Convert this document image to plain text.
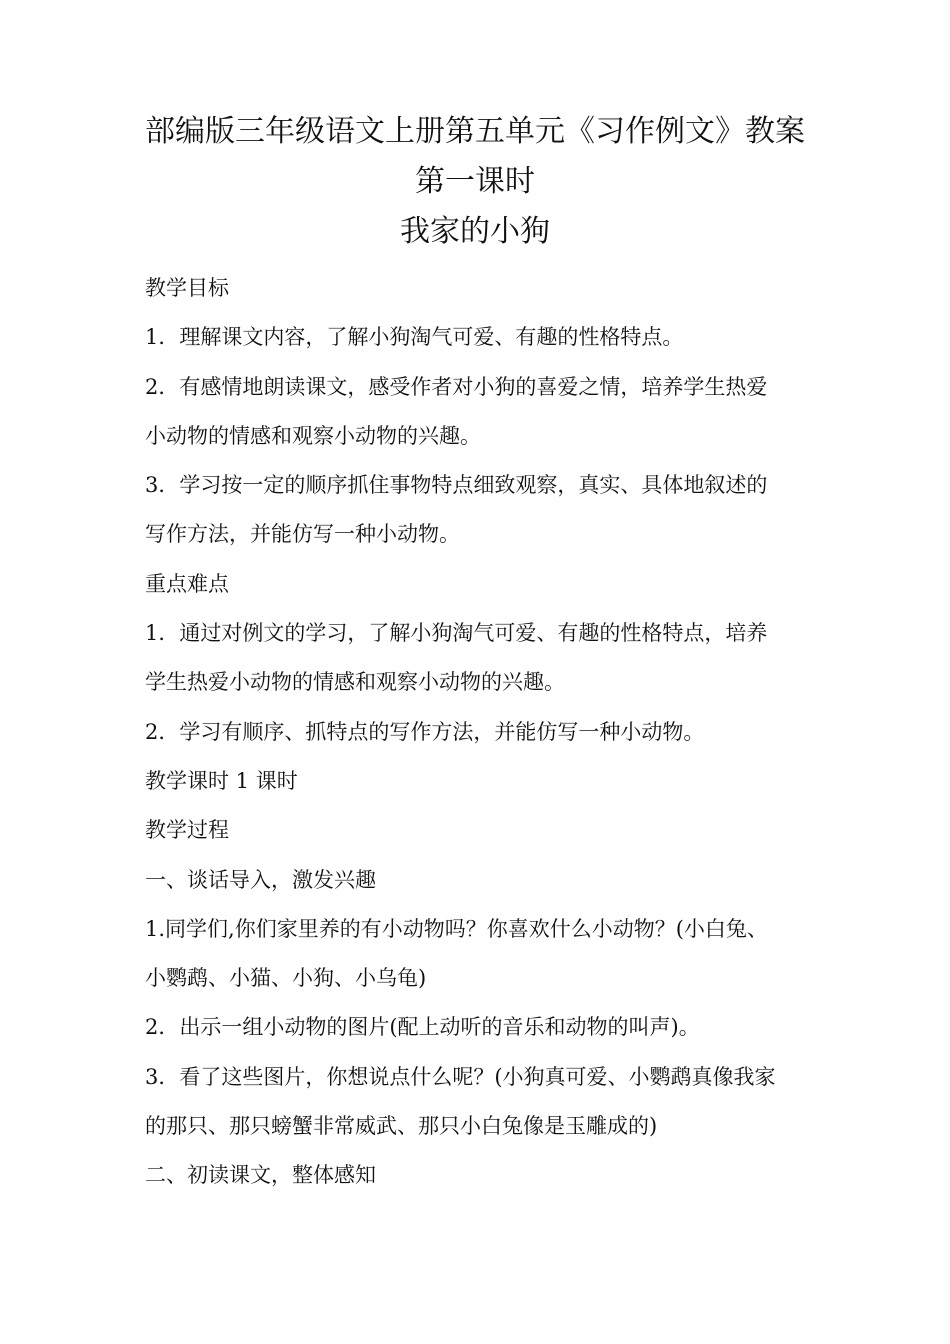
部编版三年级语文上册第五单元《习作例文》教案
第一课时
我家的小狗

教学目标

1．理解课文内容，了解小狗淘气可爱、有趣的性格特点。

2．有感情地朗读课文，感受作者对小狗的喜爱之情，培养学生热爱

小动物的情感和观察小动物的兴趣。

3．学习按一定的顺序抓住事物特点细致观察，真实、具体地叙述的

写作方法，并能仿写一种小动物。

重点难点

1．通过对例文的学习，了解小狗淘气可爱、有趣的性格特点，培养

学生热爱小动物的情感和观察小动物的兴趣。

2．学习有顺序、抓特点的写作方法，并能仿写一种小动物。

教学课时 1 课时

教学过程

一、谈话导入，激发兴趣

1.同学们,你们家里养的有小动物吗？你喜欢什么小动物？(小白兔、

小鹦鹉、小猫、小狗、小乌龟)

2．出示一组小动物的图片(配上动听的音乐和动物的叫声)。

3．看了这些图片，你想说点什么呢？(小狗真可爱、小鹦鹉真像我家

的那只、那只螃蟹非常威武、那只小白兔像是玉雕成的)

二、初读课文，整体感知
